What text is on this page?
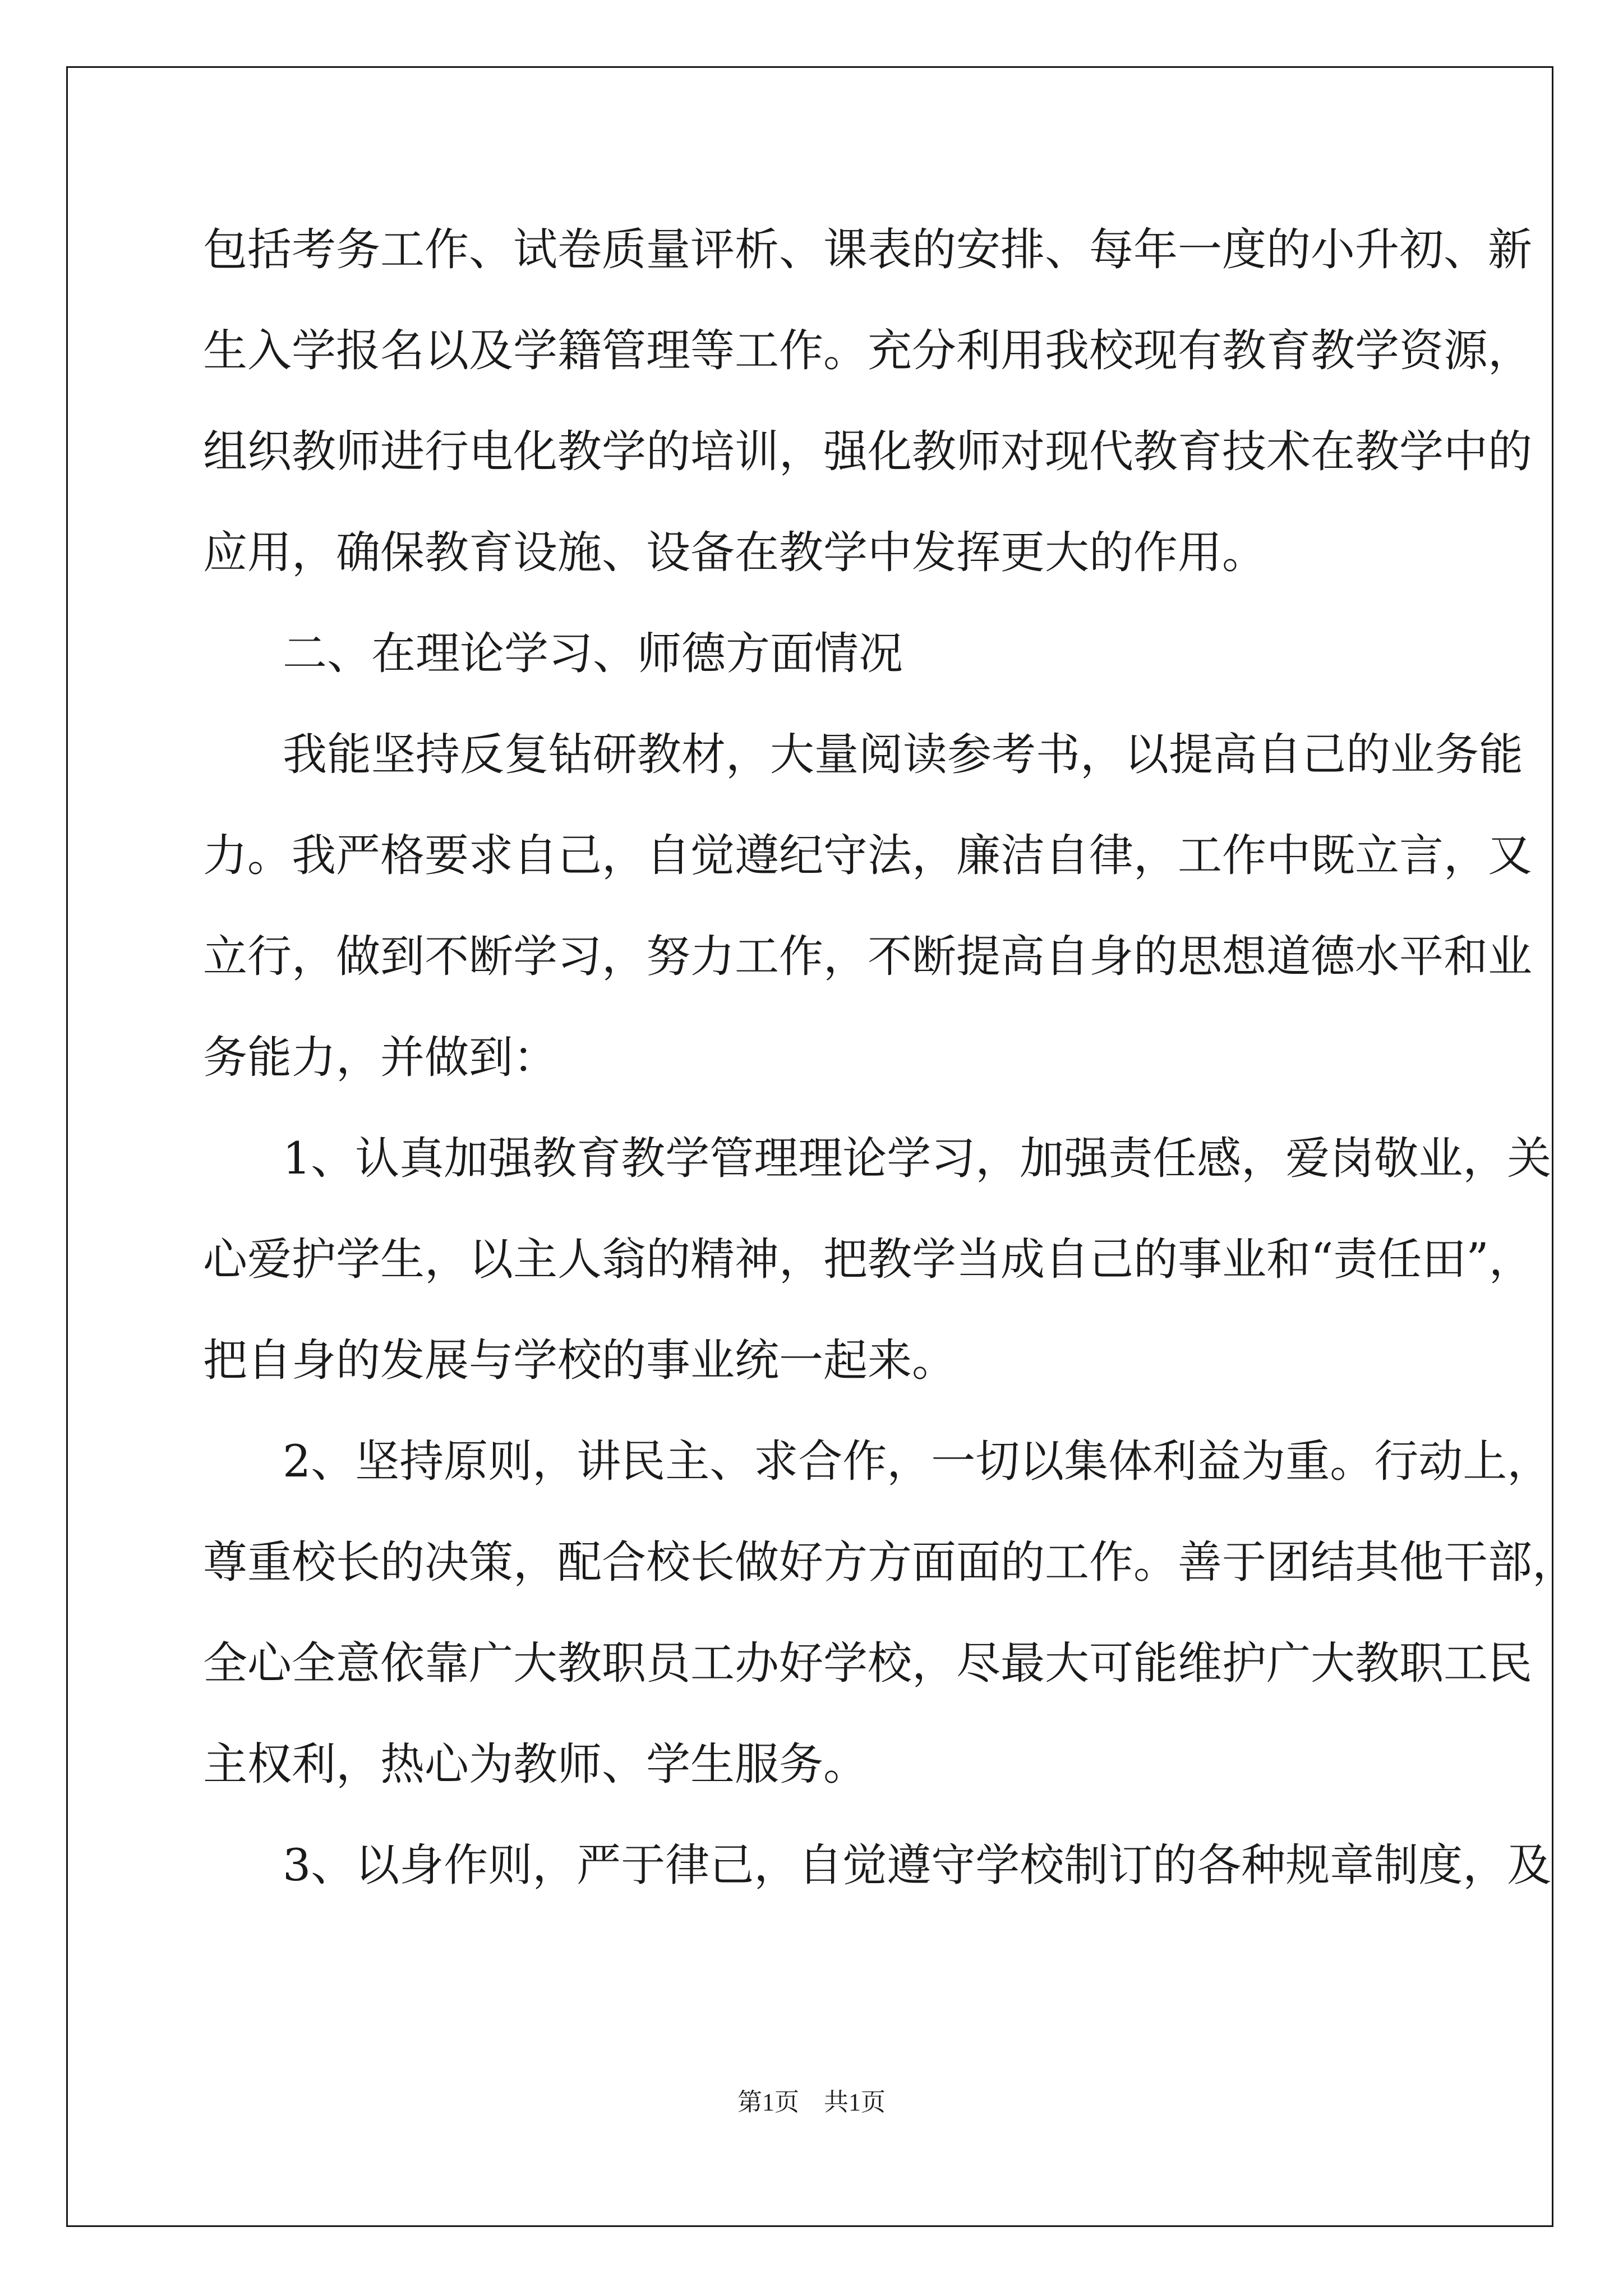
包括考务工作、试卷质量评析、课表的安排、每年一度的小升初、新
生入学报名以及学籍管理等工作。充分利用我校现有教育教学资源，
组织教师进行电化教学的培训，强化教师对现代教育技术在教学中的
应用，确保教育设施、设备在教学中发挥更大的作用。
二、在理论学习、师德方面情况
我能坚持反复钻研教材，大量阅读参考书，以提高自己的业务能
力。我严格要求自己，自觉遵纪守法，廉洁自律，工作中既立言，又
立行，做到不断学习，努力工作，不断提高自身的思想道德水平和业
务能力，并做到：
1、认真加强教育教学管理理论学习，加强责任感，爱岗敬业，关
心爱护学生，以主人翁的精神，把教学当成自己的事业和“责任田”，
把自身的发展与学校的事业统一起来。
2、坚持原则，讲民主、求合作，一切以集体利益为重。行动上，
尊重校长的决策，配合校长做好方方面面的工作。善于团结其他干部，
全心全意依靠广大教职员工办好学校，尽最大可能维护广大教职工民
主权利，热心为教师、学生服务。
3、以身作则，严于律己，自觉遵守学校制订的各种规章制度，及
第1页　共1页
